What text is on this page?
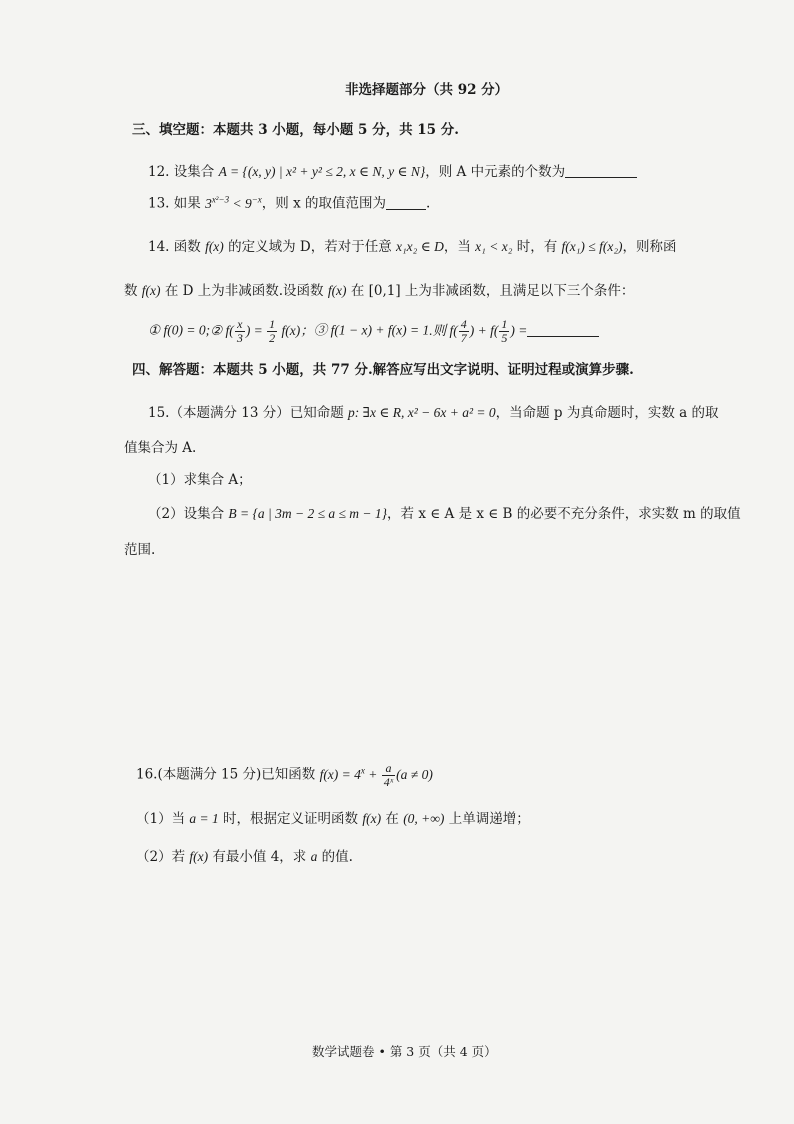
非选择题部分（共 92 分）
三、填空题：本题共 3 小题，每小题 5 分，共 15 分.
12. 设集合 A = {(x, y) | x² + y² ≤ 2, x ∈ N, y ∈ N}，则 A 中元素的个数为
13. 如果 $3^{x^2-3} < 9^{-x}$，则 x 的取值范围为	.
14. 函数 f(x) 的定义域为 D，若对于任意 x₁x₂ ∈ D，当 x₁ < x₂ 时，有 f(x₁) ≤ f(x₂)，则称函
数 f(x) 在 D 上为非减函数.设函数 f(x) 在 [0,1] 上为非减函数，且满足以下三个条件：
① f(0) = 0;② $f( \frac{x}{3}$ ) = $\frac{1}{2} f(x)$；③ f(1 − x) + f(x) = 1.则 $f( \frac{4}{7}$ ) + $f( \frac{1}{5}$ ) =
四、解答题：本题共 5 小题，共 77 分.解答应写出文字说明、证明过程或演算步骤.
15.（本题满分 13 分）已知命题 p: ∃x ∈ R, x² − 6x + a² = 0，当命题 p 为真命题时，实数 a 的取
值集合为 A.
（1）求集合 A；
（2）设集合 B = {a | 3m − 2 ≤ a ≤ m − 1}，若 x ∈ A 是 x ∈ B 的必要不充分条件，求实数 m 的取值
范围.
16.(本题满分 15 分)已知函数 $f(x) = 4^x + \frac{a}{\text{4ˣ}} (a \ne 0)$
（1）当 a = 1 时，根据定义证明函数 f(x) 在 (0, +∞) 上单调递增；
（2）若 f(x) 有最小值 4，求 a 的值.
数学试题卷 • 第 3 页（共 4 页）
